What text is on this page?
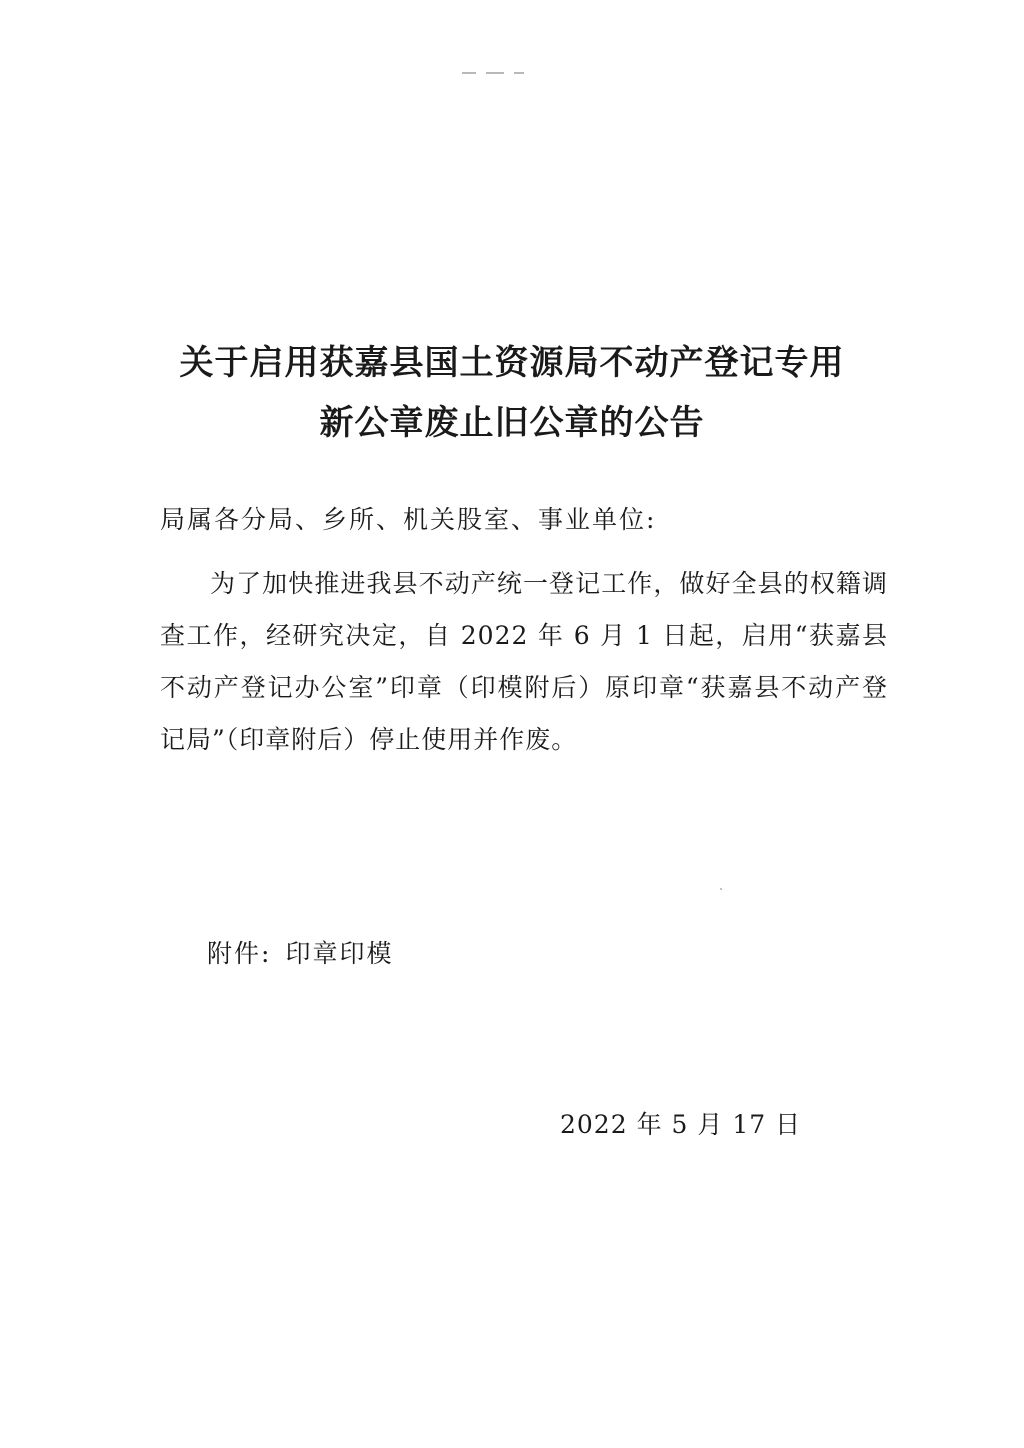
关于启用获嘉县国土资源局不动产登记专用
新公章废止旧公章的公告
局属各分局、乡所、机关股室、事业单位:

为了加快推进我县不动产统一登记工作，做好全县的权籍调查工作，经研究决定，自 2022 年 6 月 1 日起，启用“获嘉县不动产登记办公室”印章（印模附后）原印章“获嘉县不动产登记局”（印章附后）停止使用并作废。

附件: 印章印模
2022 年 5 月 17 日
